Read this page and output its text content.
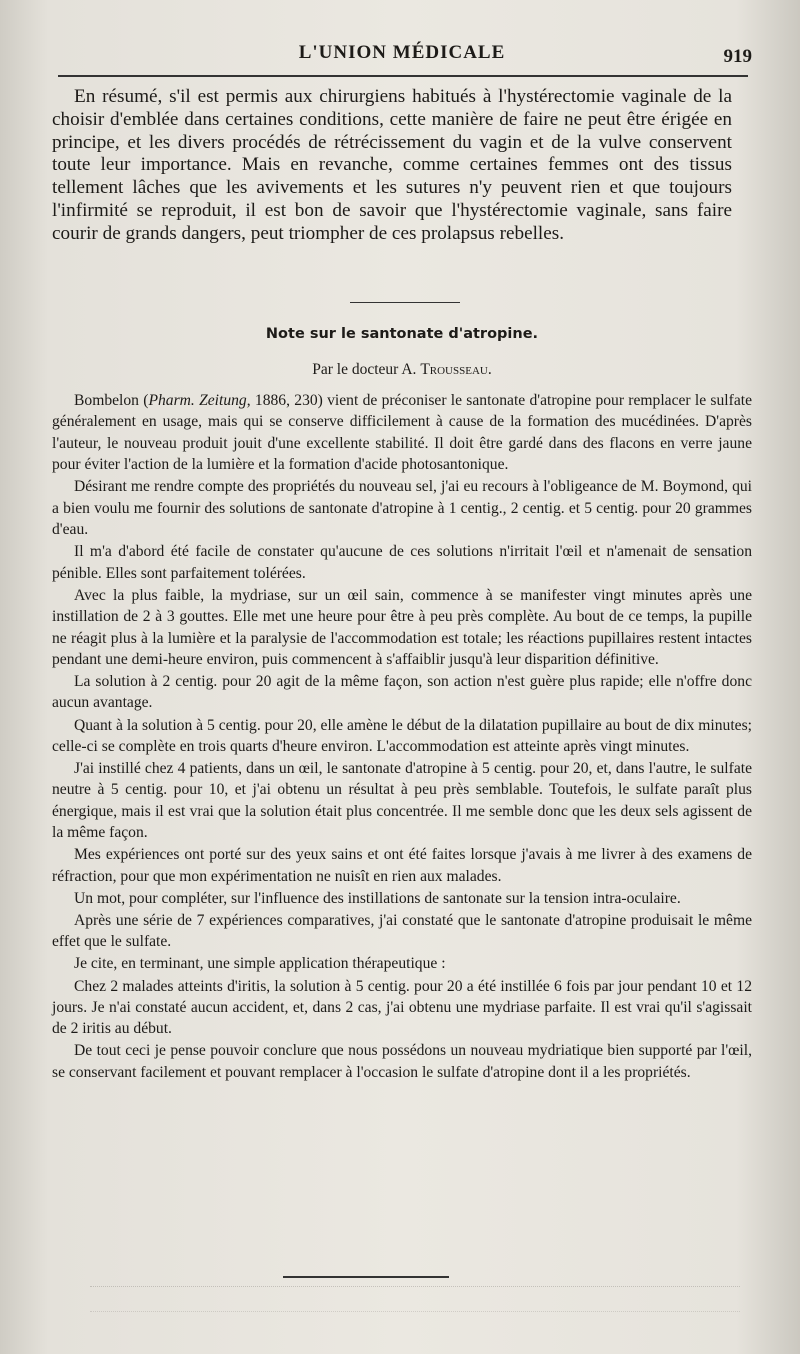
L'UNION MÉDICALE	919

En résumé, s'il est permis aux chirurgiens habitués à l'hystérectomie vaginale de la choisir d'emblée dans certaines conditions, cette manière de faire ne peut être érigée en principe, et les divers procédés de rétrécissement du vagin et de la vulve conservent toute leur importance. Mais en revanche, comme certaines femmes ont des tissus tellement lâches que les avivements et les sutures n'y peuvent rien et que toujours l'infirmité se reproduit, il est bon de savoir que l'hystérectomie vaginale, sans faire courir de grands dangers, peut triompher de ces prolapsus rebelles.

Note sur le santonate d'atropine.
Par le docteur A. Trousseau.

Bombelon (Pharm. Zeitung, 1886, 230) vient de préconiser le santonate d'atropine pour remplacer le sulfate généralement en usage, mais qui se conserve difficilement à cause de la formation des mucédinées. D'après l'auteur, le nouveau produit jouit d'une excellente stabilité. Il doit être gardé dans des flacons en verre jaune pour éviter l'action de la lumière et la formation d'acide photosantonique.

Désirant me rendre compte des propriétés du nouveau sel, j'ai eu recours à l'obligeance de M. Boymond, qui a bien voulu me fournir des solutions de santonate d'atropine à 1 centig., 2 centig. et 5 centig. pour 20 grammes d'eau.

Il m'a d'abord été facile de constater qu'aucune de ces solutions n'irritait l'œil et n'amenait de sensation pénible. Elles sont parfaitement tolérées.

Avec la plus faible, la mydriase, sur un œil sain, commence à se manifester vingt minutes après une instillation de 2 à 3 gouttes. Elle met une heure pour être à peu près complète. Au bout de ce temps, la pupille ne réagit plus à la lumière et la paralysie de l'accommodation est totale; les réactions pupillaires restent intactes pendant une demi-heure environ, puis commencent à s'affaiblir jusqu'à leur disparition définitive.

La solution à 2 centig. pour 20 agit de la même façon, son action n'est guère plus rapide; elle n'offre donc aucun avantage.

Quant à la solution à 5 centig. pour 20, elle amène le début de la dilatation pupillaire au bout de dix minutes; celle-ci se complète en trois quarts d'heure environ. L'accommodation est atteinte après vingt minutes.

J'ai instillé chez 4 patients, dans un œil, le santonate d'atropine à 5 centig. pour 20, et, dans l'autre, le sulfate neutre à 5 centig. pour 10, et j'ai obtenu un résultat à peu près semblable. Toutefois, le sulfate paraît plus énergique, mais il est vrai que la solution était plus concentrée. Il me semble donc que les deux sels agissent de la même façon.

Mes expériences ont porté sur des yeux sains et ont été faites lorsque j'avais à me livrer à des examens de réfraction, pour que mon expérimentation ne nuisît en rien aux malades.

Un mot, pour compléter, sur l'influence des instillations de santonate sur la tension intra-oculaire.

Après une série de 7 expériences comparatives, j'ai constaté que le santonate d'atropine produisait le même effet que le sulfate.

Je cite, en terminant, une simple application thérapeutique :

Chez 2 malades atteints d'iritis, la solution à 5 centig. pour 20 a été instillée 6 fois par jour pendant 10 et 12 jours. Je n'ai constaté aucun accident, et, dans 2 cas, j'ai obtenu une mydriase parfaite. Il est vrai qu'il s'agissait de 2 iritis au début.

De tout ceci je pense pouvoir conclure que nous possédons un nouveau mydriatique bien supporté par l'œil, se conservant facilement et pouvant remplacer à l'occasion le sulfate d'atropine dont il a les propriétés.
